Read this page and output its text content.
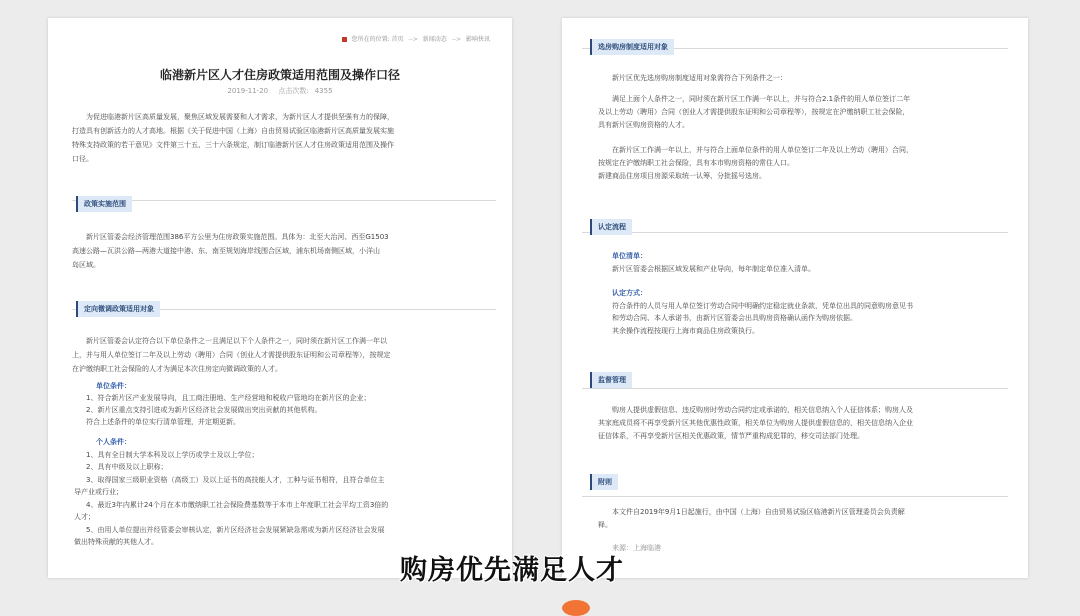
您所在的位置: 首页 --> 新闻动态 --> 影响快讯
临港新片区人才住房政策适用范围及操作口径
2019-11-20 点击次数: 4355

为促进临港新片区高质量发展，聚焦区域发展需要和人才需求，为新片区人才提供坚强有力的保障，

打造具有创新活力的人才高地。根据《关于促进中国（上海）自由贸易试验区临港新片区高质量发展实施

特殊支持政策的若干意见》文件第三十五、三十六条规定，制订临港新片区人才住房政策适用范围及操作

口径。

政策实施范围

新片区管委会经济管理范围386平方公里为住房政策实施范围。具体为：北至大治河、西至G1503

高速公路—瓦洪公路—两港大道接中港、东、南至规划海岸线围合区域，浦东机场南侧区域，小洋山

岛区域。

定向微调政策适用对象

新片区管委会认定符合以下单位条件之一且满足以下个人条件之一，同时须在新片区工作满一年以

上，并与用人单位签订二年及以上劳动（聘用）合同（创业人才需提供股东证明和公司章程等），按规定

在沪缴纳职工社会保险的人才为满足本次住房定向微调政策的人才。

单位条件：

1、符合新片区产业发展导向，且工商注册地、生产经营地和税收户管地均在新片区的企业；

2、新片区重点支持引进或为新片区经济社会发展做出突出贡献的其他机构。

符合上述条件的单位实行清单管理，并定期更新。

个人条件：

1、具有全日制大学本科及以上学历或学士及以上学位；

2、具有中级及以上职称；

3、取得国家三级职业资格（高级工）及以上证书的高技能人才，工种与证书相符，且符合单位主

导产业或行业；

4、最近3年内累计24个月在本市缴纳职工社会保险费基数等于本市上年度职工社会平均工资3倍的

人才；

5、由用人单位提出并经管委会审核认定，新片区经济社会发展紧缺急需或为新片区经济社会发展

做出特殊贡献的其他人才。

选房购房制度适用对象

新片区优先选房购房制度适用对象需符合下列条件之一：

满足上面个人条件之一，同时须在新片区工作满一年以上，并与符合2.1条件的用人单位签订二年

及以上劳动（聘用）合同（创业人才需提供股东证明和公司章程等），按规定在沪缴纳职工社会保险，

具有新片区购房资格的人才。

在新片区工作满一年以上，并与符合上面单位条件的用人单位签订二年及以上劳动（聘用）合同，

按规定在沪缴纳职工社会保险，具有本市购房资格的常住人口。

新建商品住房项目房源采取统一认筹、分批摇号选房。

认定流程

单位清单：

新片区管委会根据区域发展和产业导向，每年制定单位准入清单。

认定方式：

符合条件的人员与用人单位签订劳动合同中明确约定稳定就业条款，凭单位出具的同意购房意见书

和劳动合同、本人承诺书，由新片区管委会出具购房资格确认函作为购房依据。

其余操作流程按现行上海市商品住房政策执行。

监督管理

购房人提供虚假信息、违反购房时劳动合同约定或承诺的，相关信息纳入个人征信体系；购房人及

其家庭成员将不再享受新片区其他优惠性政策，相关单位为购房人提供虚假信息的，相关信息纳入企业

征信体系，不再享受新片区相关优惠政策，情节严重构成犯罪的，移交司法部门处理。

附则

本文件自2019年9月1日起施行，由中国（上海）自由贸易试验区临港新片区管理委员会负责解

释。

来源：上海临港

购房优先满足人才
